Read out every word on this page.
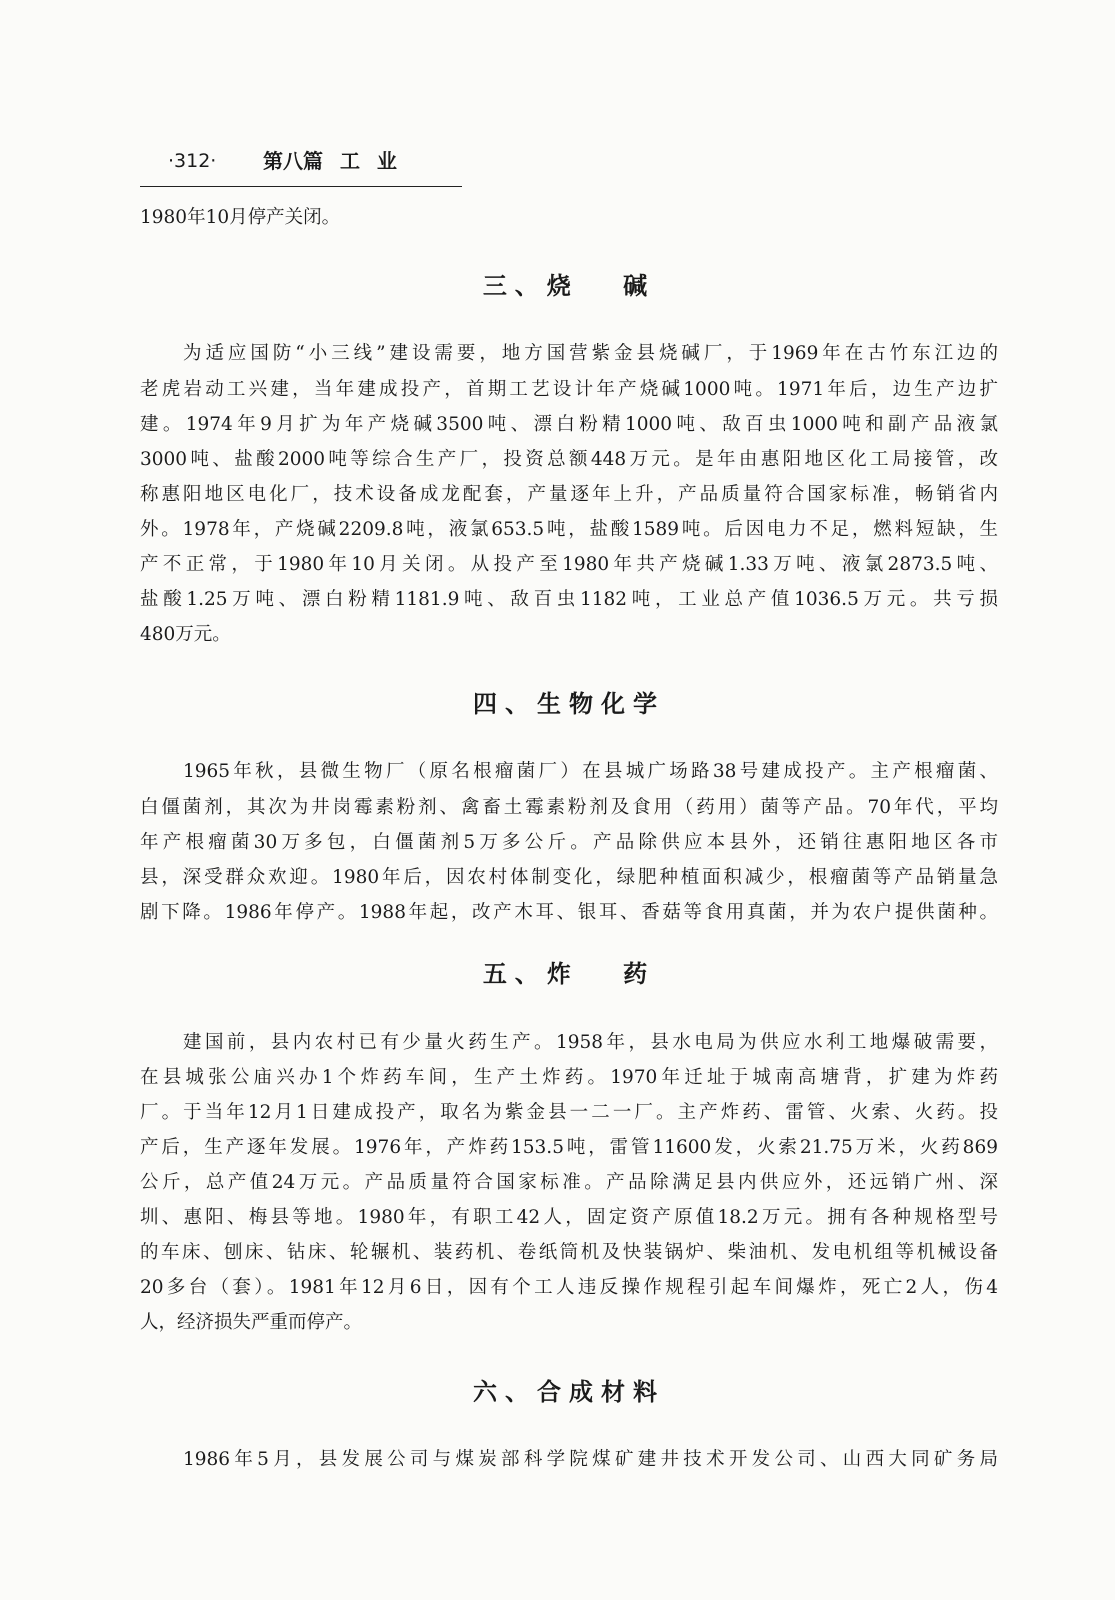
·312· 第八篇 工 业
1980年10月停产关闭。
三、烧 碱
为适应国防“小三线”建设需要，地方国营紫金县烧碱厂，于1969年在古竹东江边的
老虎岩动工兴建，当年建成投产，首期工艺设计年产烧碱1000吨。1971年后，边生产边扩
建。1974年9月扩为年产烧碱3500吨、漂白粉精1000吨、敌百虫1000吨和副产品液氯
3000吨、盐酸2000吨等综合生产厂，投资总额448万元。是年由惠阳地区化工局接管，改
称惠阳地区电化厂，技术设备成龙配套，产量逐年上升，产品质量符合国家标准，畅销省内
外。1978年，产烧碱2209.8吨，液氯653.5吨，盐酸1589吨。后因电力不足，燃料短缺，生
产不正常，于1980年10月关闭。从投产至1980年共产烧碱1.33万吨、液氯2873.5吨、
盐酸1.25万吨、漂白粉精1181.9吨、敌百虫1182吨，工业总产值1036.5万元。共亏损
480万元。
四、生物化学
1965年秋，县微生物厂（原名根瘤菌厂）在县城广场路38号建成投产。主产根瘤菌、
白僵菌剂，其次为井岗霉素粉剂、禽畜土霉素粉剂及食用（药用）菌等产品。70年代，平均
年产根瘤菌30万多包，白僵菌剂5万多公斤。产品除供应本县外，还销往惠阳地区各市
县，深受群众欢迎。1980年后，因农村体制变化，绿肥种植面积减少，根瘤菌等产品销量急
剧下降。1986年停产。1988年起，改产木耳、银耳、香菇等食用真菌，并为农户提供菌种。
五、炸 药
建国前，县内农村已有少量火药生产。1958年，县水电局为供应水利工地爆破需要，
在县城张公庙兴办1个炸药车间，生产土炸药。1970年迁址于城南高塘背，扩建为炸药
厂。于当年12月1日建成投产，取名为紫金县一二一厂。主产炸药、雷管、火索、火药。投
产后，生产逐年发展。1976年，产炸药153.5吨，雷管11600发，火索21.75万米，火药869
公斤，总产值24万元。产品质量符合国家标准。产品除满足县内供应外，还远销广州、深
圳、惠阳、梅县等地。1980年，有职工42人，固定资产原值18.2万元。拥有各种规格型号
的车床、刨床、钻床、轮辗机、装药机、卷纸筒机及快装锅炉、柴油机、发电机组等机械设备
20多台（套）。1981年12月6日，因有个工人违反操作规程引起车间爆炸，死亡2人，伤4
人，经济损失严重而停产。
六、合成材料
1986年5月，县发展公司与煤炭部科学院煤矿建井技术开发公司、山西大同矿务局
